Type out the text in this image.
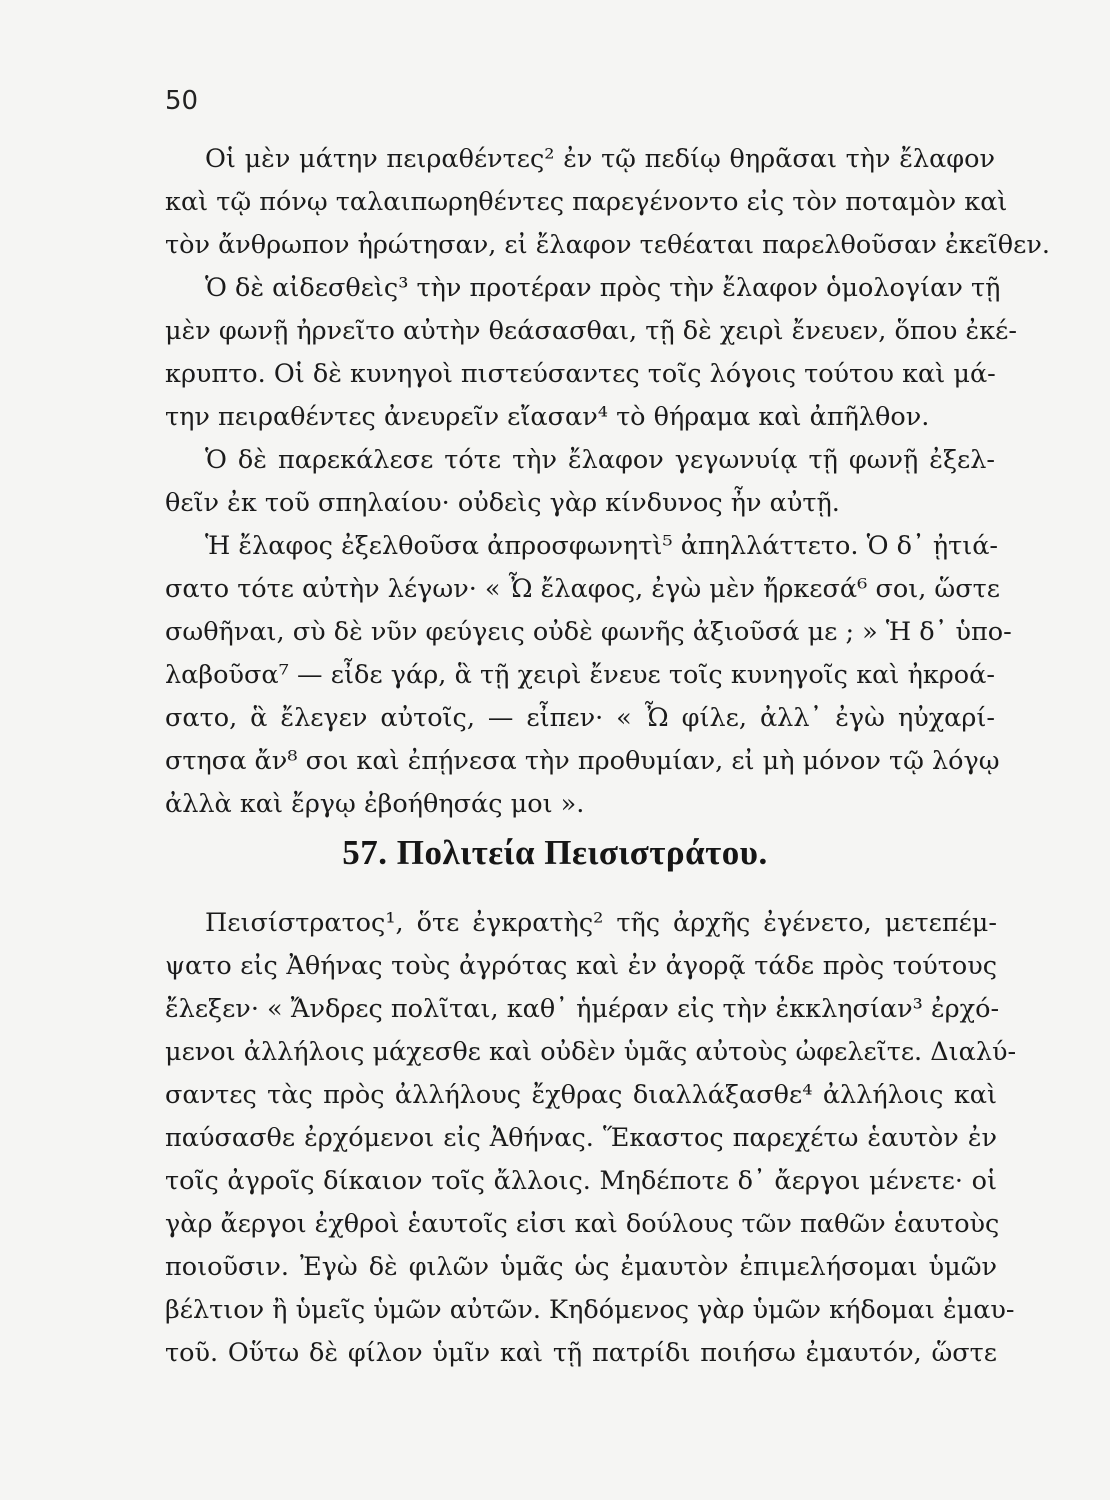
50
Οἱ μὲν μάτην πειραθέντες² ἐν τῷ πεδίῳ θηρᾶσαι τὴν ἔλαφον
καὶ τῷ πόνῳ ταλαιπωρηθέντες παρεγένοντο εἰς τὸν ποταμὸν καὶ
τὸν ἄνθρωπον ἠρώτησαν, εἰ ἔλαφον τεθέαται παρελθοῦσαν ἐκεῖθεν.
Ὁ δὲ αἰδεσθεὶς³ τὴν προτέραν πρὸς τὴν ἔλαφον ὁμολογίαν τῇ
μὲν φωνῇ ἠρνεῖτο αὐτὴν θεάσασθαι, τῇ δὲ χειρὶ ἔνευεν, ὅπου ἐκέ-
κρυπτο. Οἱ δὲ κυνηγοὶ πιστεύσαντες τοῖς λόγοις τούτου καὶ μά-
την πειραθέντες ἀνευρεῖν εἴασαν⁴ τὸ θήραμα καὶ ἀπῆλθον.
Ὁ δὲ παρεκάλεσε τότε τὴν ἔλαφον γεγωνυίᾳ τῇ φωνῇ ἐξελ-
θεῖν ἐκ τοῦ σπηλαίου· οὐδεὶς γὰρ κίνδυνος ἦν αὐτῇ.
Ἡ ἔλαφος ἐξελθοῦσα ἀπροσφωνητὶ⁵ ἀπηλλάττετο. Ὁ δ᾽ ᾐτιά-
σατο τότε αὐτὴν λέγων· « Ὦ ἔλαφος, ἐγὼ μὲν ἤρκεσά⁶ σοι, ὥστε
σωθῆναι, σὺ δὲ νῦν φεύγεις οὐδὲ φωνῆς ἀξιοῦσά με ; » Ἡ δ᾽ ὑπο-
λαβοῦσα⁷ — εἶδε γάρ, ἃ τῇ χειρὶ ἔνευε τοῖς κυνηγοῖς καὶ ἠκροά-
σατο, ἃ ἔλεγεν αὐτοῖς, — εἶπεν· « Ὦ φίλε, ἀλλ᾽ ἐγὼ ηὐχαρί-
στησα ἄν⁸ σοι καὶ ἐπῄνεσα τὴν προθυμίαν, εἰ μὴ μόνον τῷ λόγῳ
ἀλλὰ καὶ ἔργῳ ἐβοήθησάς μοι ».
57. Πολιτεία Πεισιστράτου.
Πεισίστρατος¹, ὅτε ἐγκρατὴς² τῆς ἀρχῆς ἐγένετο, μετεπέμ-
ψατο εἰς Ἀθήνας τοὺς ἀγρότας καὶ ἐν ἀγορᾷ τάδε πρὸς τούτους
ἔλεξεν· « Ἄνδρες πολῖται, καθ᾽ ἡμέραν εἰς τὴν ἐκκλησίαν³ ἐρχό-
μενοι ἀλλήλοις μάχεσθε καὶ οὐδὲν ὑμᾶς αὐτοὺς ὠφελεῖτε. Διαλύ-
σαντες τὰς πρὸς ἀλλήλους ἔχθρας διαλλάξασθε⁴ ἀλλήλοις καὶ
παύσασθε ἐρχόμενοι εἰς Ἀθήνας. Ἕκαστος παρεχέτω ἑαυτὸν ἐν
τοῖς ἀγροῖς δίκαιον τοῖς ἄλλοις. Μηδέποτε δ᾽ ἄεργοι μένετε· οἱ
γὰρ ἄεργοι ἐχθροὶ ἑαυτοῖς εἰσι καὶ δούλους τῶν παθῶν ἑαυτοὺς
ποιοῦσιν. Ἐγὼ δὲ φιλῶν ὑμᾶς ὡς ἐμαυτὸν ἐπιμελήσομαι ὑμῶν
βέλτιον ἢ ὑμεῖς ὑμῶν αὐτῶν. Κηδόμενος γὰρ ὑμῶν κήδομαι ἐμαυ-
τοῦ. Οὕτω δὲ φίλον ὑμῖν καὶ τῇ πατρίδι ποιήσω ἐμαυτόν, ὥστε
